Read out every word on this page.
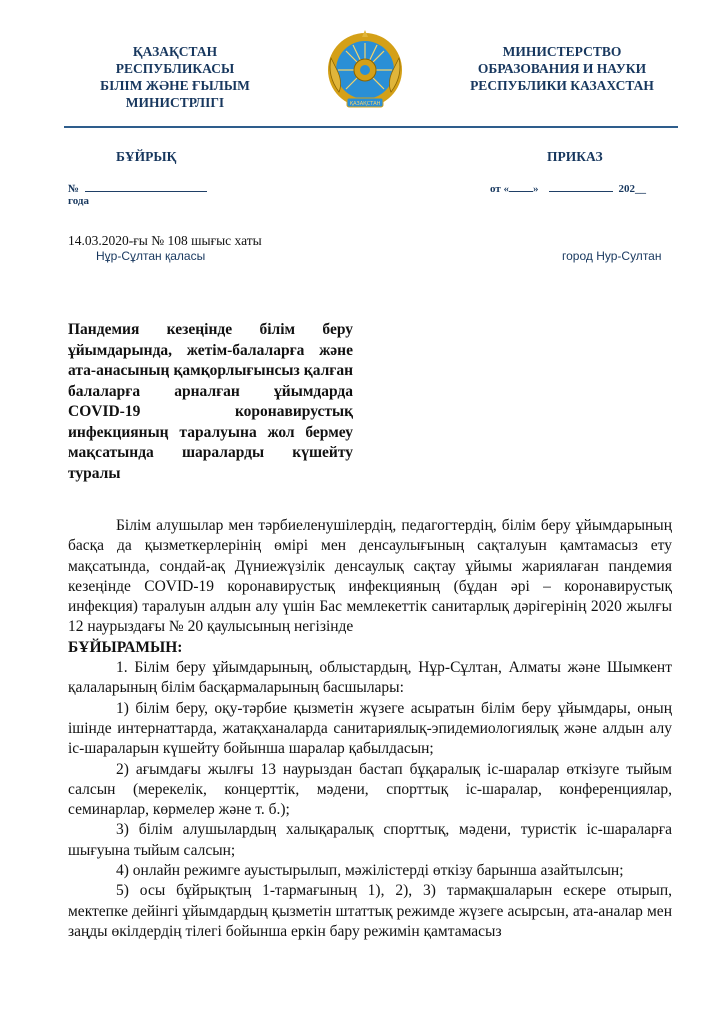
ҚАЗАҚСТАН
РЕСПУБЛИКАСЫ
БІЛІМ ЖӘНЕ ҒЫЛЫМ
МИНИСТРЛІГІ	ҚАЗАҚСТАН
МИНИСТЕРСТВО
ОБРАЗОВАНИЯ И НАУКИ
РЕСПУБЛИКИ КАЗАХСТАН
БҰЙРЫҚ	ПРИКАЗ
№
года
от « »	202__
14.03.2020-ғы № 108 шығыс хаты
Нұр-Сұлтан қаласы	город Нур-Султан
Пандемия кезеңінде білім беру ұйымдарында, жетім-балаларға және ата-анасының қамқорлығынсыз қалған балаларға арналған ұйымдарда COVID-19 коронавирустық инфекцияның таралуына жол бермеу мақсатында шараларды күшейту туралы

Білім алушылар мен тәрбиеленушілердің, педагогтердің, білім беру ұйымдарының басқа да қызметкерлерінің өмірі мен денсаулығының сақталуын қамтамасыз ету мақсатында, сондай-ақ Дүниежүзілік денсаулық сақтау ұйымы жариялаған пандемия кезеңінде COVID-19 коронавирустық инфекцияның (бұдан әрі – коронавирустық инфекция) таралуын алдын алу үшін Бас мемлекеттік санитарлық дәрігерінің 2020 жылғы 12 наурыздағы № 20 қаулысының негізінде

БҰЙЫРАМЫН:

1. Білім беру ұйымдарының, облыстардың, Нұр-Сұлтан, Алматы және Шымкент қалаларының білім басқармаларының басшылары:

1) білім беру, оқу-тәрбие қызметін жүзеге асыратын білім беру ұйымдары, оның ішінде интернаттарда, жатақханаларда санитариялық-эпидемиологиялық және алдын алу іс-шараларын күшейту бойынша шаралар қабылдасын;

2) ағымдағы жылғы 13 наурыздан бастап бұқаралық іс-шаралар өткізуге тыйым салсын (мерекелік, концерттік, мәдени, спорттық іс-шаралар, конференциялар, семинарлар, көрмелер және т. б.);

3) білім алушылардың халықаралық спорттық, мәдени, туристік іс-шараларға шығуына тыйым салсын;

4) онлайн режимге ауыстырылып, мәжілістерді өткізу барынша азайтылсын;

5) осы бұйрықтың 1-тармағының 1), 2), 3) тармақшаларын ескере отырып, мектепке дейінгі ұйымдардың қызметін штаттық режимде жүзеге асырсын, ата-аналар мен заңды өкілдердің тілегі бойынша еркін бару режимін қамтамасыз
